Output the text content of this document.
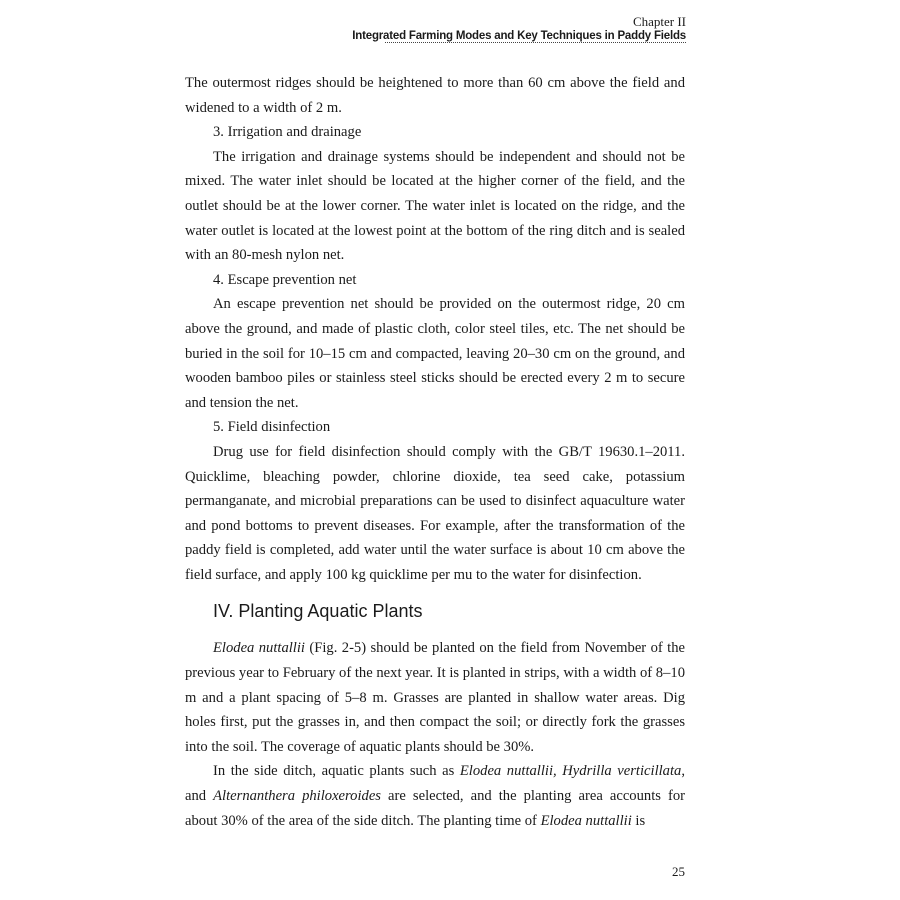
Chapter II
Integrated Farming Modes and Key Techniques in Paddy Fields

The outermost ridges should be heightened to more than 60 cm above the field and widened to a width of 2 m.

3. Irrigation and drainage

The irrigation and drainage systems should be independent and should not be mixed. The water inlet should be located at the higher corner of the field, and the outlet should be at the lower corner. The water inlet is located on the ridge, and the water outlet is located at the lowest point at the bottom of the ring ditch and is sealed with an 80-mesh nylon net.

4. Escape prevention net

An escape prevention net should be provided on the outermost ridge, 20 cm above the ground, and made of plastic cloth, color steel tiles, etc. The net should be buried in the soil for 10–15 cm and compacted, leaving 20–30 cm on the ground, and wooden bamboo piles or stainless steel sticks should be erected every 2 m to secure and tension the net.

5. Field disinfection

Drug use for field disinfection should comply with the GB/T 19630.1–2011. Quicklime, bleaching powder, chlorine dioxide, tea seed cake, potassium permanganate, and microbial preparations can be used to disinfect aquaculture water and pond bottoms to prevent diseases. For example, after the transformation of the paddy field is completed, add water until the water surface is about 10 cm above the field surface, and apply 100 kg quicklime per mu to the water for disinfection.

IV. Planting Aquatic Plants

Elodea nuttallii (Fig. 2-5) should be planted on the field from November of the previous year to February of the next year. It is planted in strips, with a width of 8–10 m and a plant spacing of 5–8 m. Grasses are planted in shallow water areas. Dig holes first, put the grasses in, and then compact the soil; or directly fork the grasses into the soil. The coverage of aquatic plants should be 30%.

In the side ditch, aquatic plants such as Elodea nuttallii, Hydrilla verticillata, and Alternanthera philoxeroides are selected, and the planting area accounts for about 30% of the area of the side ditch. The planting time of Elodea nuttallii is

25
